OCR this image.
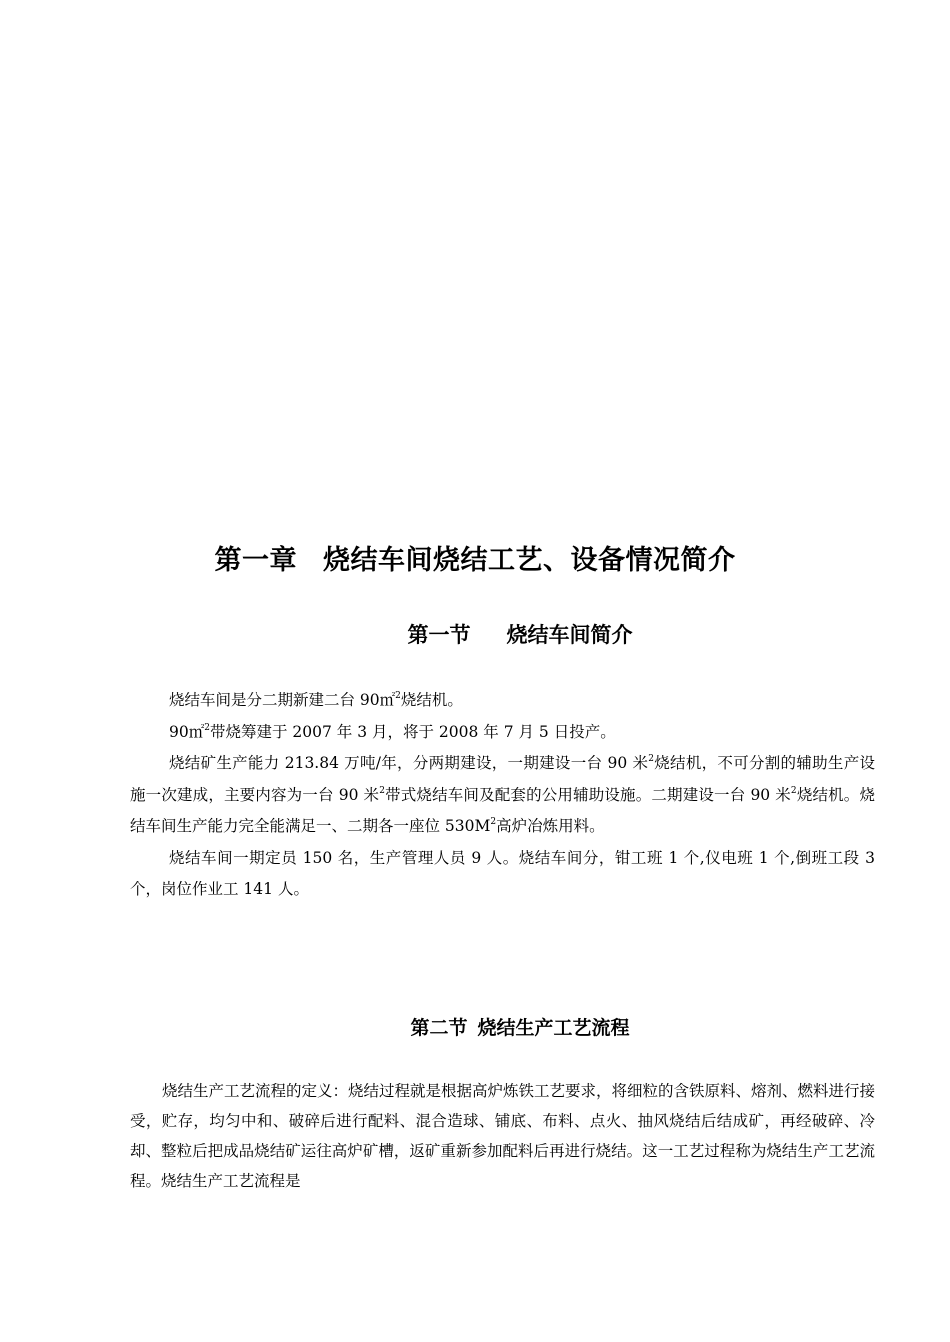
第一章 烧结车间烧结工艺、设备情况简介
第一节 烧结车间简介

烧结车间是分二期新建二台 90㎡$^2$烧结机。

90㎡$^2$带烧筹建于 2007 年 3 月，将于 2008 年 7 月 5 日投产。

烧结矿生产能力 213.84 万吨/年，分两期建设，一期建设一台 90 米$^2$烧结机，不可分割的辅助生产设施一次建成，主要内容为一台 90 米$^2$带式烧结车间及配套的公用辅助设施。二期建设一台 90 米$^2$烧结机。烧结车间生产能力完全能满足一、二期各一座位 $530M^2$高炉冶炼用料。

烧结车间一期定员 150 名，生产管理人员 9 人。烧结车间分，钳工班 1 个,仪电班 1 个,倒班工段 3 个，岗位作业工 141 人。

第二节 烧结生产工艺流程

烧结生产工艺流程的定义：烧结过程就是根据高炉炼铁工艺要求，将细粒的含铁原料、熔剂、燃料进行接受，贮存，均匀中和、破碎后进行配料、混合造球、铺底、布料、点火、抽风烧结后结成矿，再经破碎、冷却、整粒后把成品烧结矿运往高炉矿槽，返矿重新参加配料后再进行烧结。这一工艺过程称为烧结生产工艺流程。烧结生产工艺流程是
